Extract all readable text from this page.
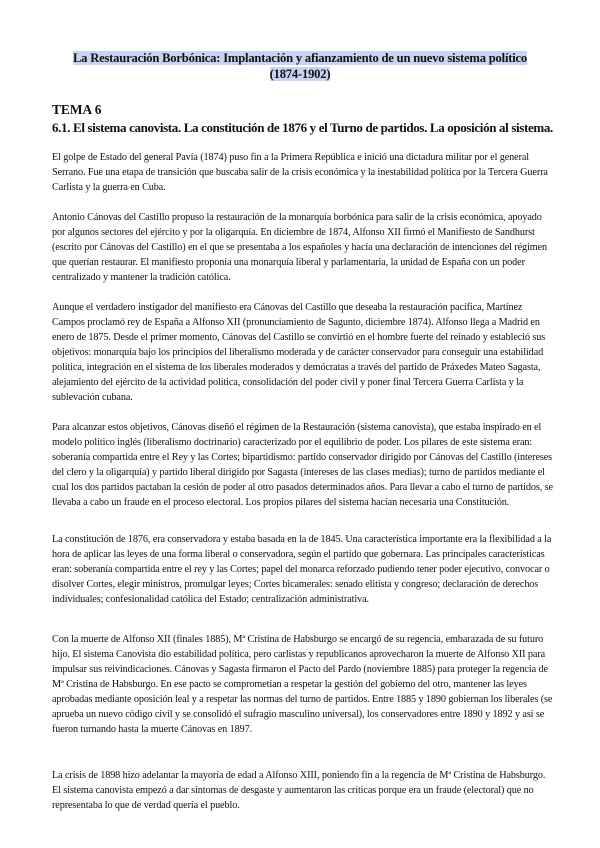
La Restauración Borbónica: Implantación y afianzamiento de un nuevo sistema político
(1874-1902)
TEMA 6
6.1. El sistema canovista. La constitución de 1876 y el Turno de partidos. La oposición al sistema.

El golpe de Estado del general Pavía (1874) puso fin a la Primera República e inició una dictadura militar por el general Serrano. Fue una etapa de transición que buscaba salir de la crisis económica y la inestabilidad política por la Tercera Guerra Carlista y la guerra en Cuba.

Antonio Cánovas del Castillo propuso la restauración de la monarquía borbónica para salir de la crisis económica, apoyado por algunos sectores del ejército y por la oligarquía. En diciembre de 1874, Alfonso XII firmó el Manifiesto de Sandhurst (escrito por Cánovas del Castillo) en el que se presentaba a los españoles y hacía una declaración de intenciones del régimen que querían restaurar. El manifiesto proponía una monarquía liberal y parlamentaria, la unidad de España con un poder centralizado y mantener la tradición católica.

Aunque el verdadero instigador del manifiesto era Cánovas del Castillo que deseaba la restauración pacífica, Martínez Campos proclamó rey de España a Alfonso XII (pronunciamiento de Sagunto, diciembre 1874). Alfonso llega a Madrid en enero de 1875. Desde el primer momento, Cánovas del Castillo se convirtió en el hombre fuerte del reinado y estableció sus objetivos: monarquía bajo los principios del liberalismo moderada y de carácter conservador para conseguir una estabilidad política, integración en el sistema de los liberales moderados y demócratas a través del partido de Práxedes Mateo Sagasta, alejamiento del ejército de la actividad política, consolidación del poder civil y poner final Tercera Guerra Carlista y la sublevación cubana.

Para alcanzar estos objetivos, Cánovas diseñó el régimen de la Restauración (sistema canovista), que estaba inspirado en el modelo político inglés (liberalismo doctrinario) caracterizado por el equilibrio de poder. Los pilares de este sistema eran: soberanía compartida entre el Rey y las Cortes; bipartidismo: partido conservador dirigido por Cánovas del Castillo (intereses del clero y la oligarquía) y partido liberal dirigido por Sagasta (intereses de las clases medias); turno de partidos mediante el cual los dos partidos pactaban la cesión de poder al otro pasados determinados años. Para llevar a cabo el turno de partidos, se llevaba a cabo un fraude en el proceso electoral. Los propios pilares del sistema hacían necesaria una Constitución.

La constitución de 1876, era conservadora y estaba basada en la de 1845. Una característica importante era la flexibilidad a la hora de aplicar las leyes de una forma liberal o conservadora, según el partido que gobernara. Las principales características eran: soberanía compartida entre el rey y las Cortes; papel del monarca reforzado pudiendo tener poder ejecutivo, convocar o disolver Cortes, elegir ministros, promulgar leyes; Cortes bicamerales: senado elitista y congreso; declaración de derechos individuales; confesionalidad católica del Estado; centralización administrativa.

Con la muerte de Alfonso XII (finales 1885), Mª Cristina de Habsburgo se encargó de su regencia, embarazada de su futuro hijo. El sistema Canovista dio estabilidad política, pero carlistas y republicanos aprovecharon la muerte de Alfonso XII para impulsar sus reivindicaciones. Cánovas y Sagasta firmaron el Pacto del Pardo (noviembre 1885) para proteger la regencia de Mª Cristina de Habsburgo. En ese pacto se comprometían a respetar la gestión del gobierno del otro, mantener las leyes aprobadas mediante oposición leal y a respetar las normas del turno de partidos. Entre 1885 y 1890 gobiernan los liberales (se aprueba un nuevo código civil y se consolidó el sufragio masculino universal), los conservadores entre 1890 y 1892 y así se fueron turnando hasta la muerte Cánovas en 1897.

La crisis de 1898 hizo adelantar la mayoría de edad a Alfonso XIII, poniendo fin a la regencia de Mª Cristina de Habsburgo. El sistema canovista empezó a dar síntomas de desgaste y aumentaron las críticas porque era un fraude (electoral) que no representaba lo que de verdad quería el pueblo.
